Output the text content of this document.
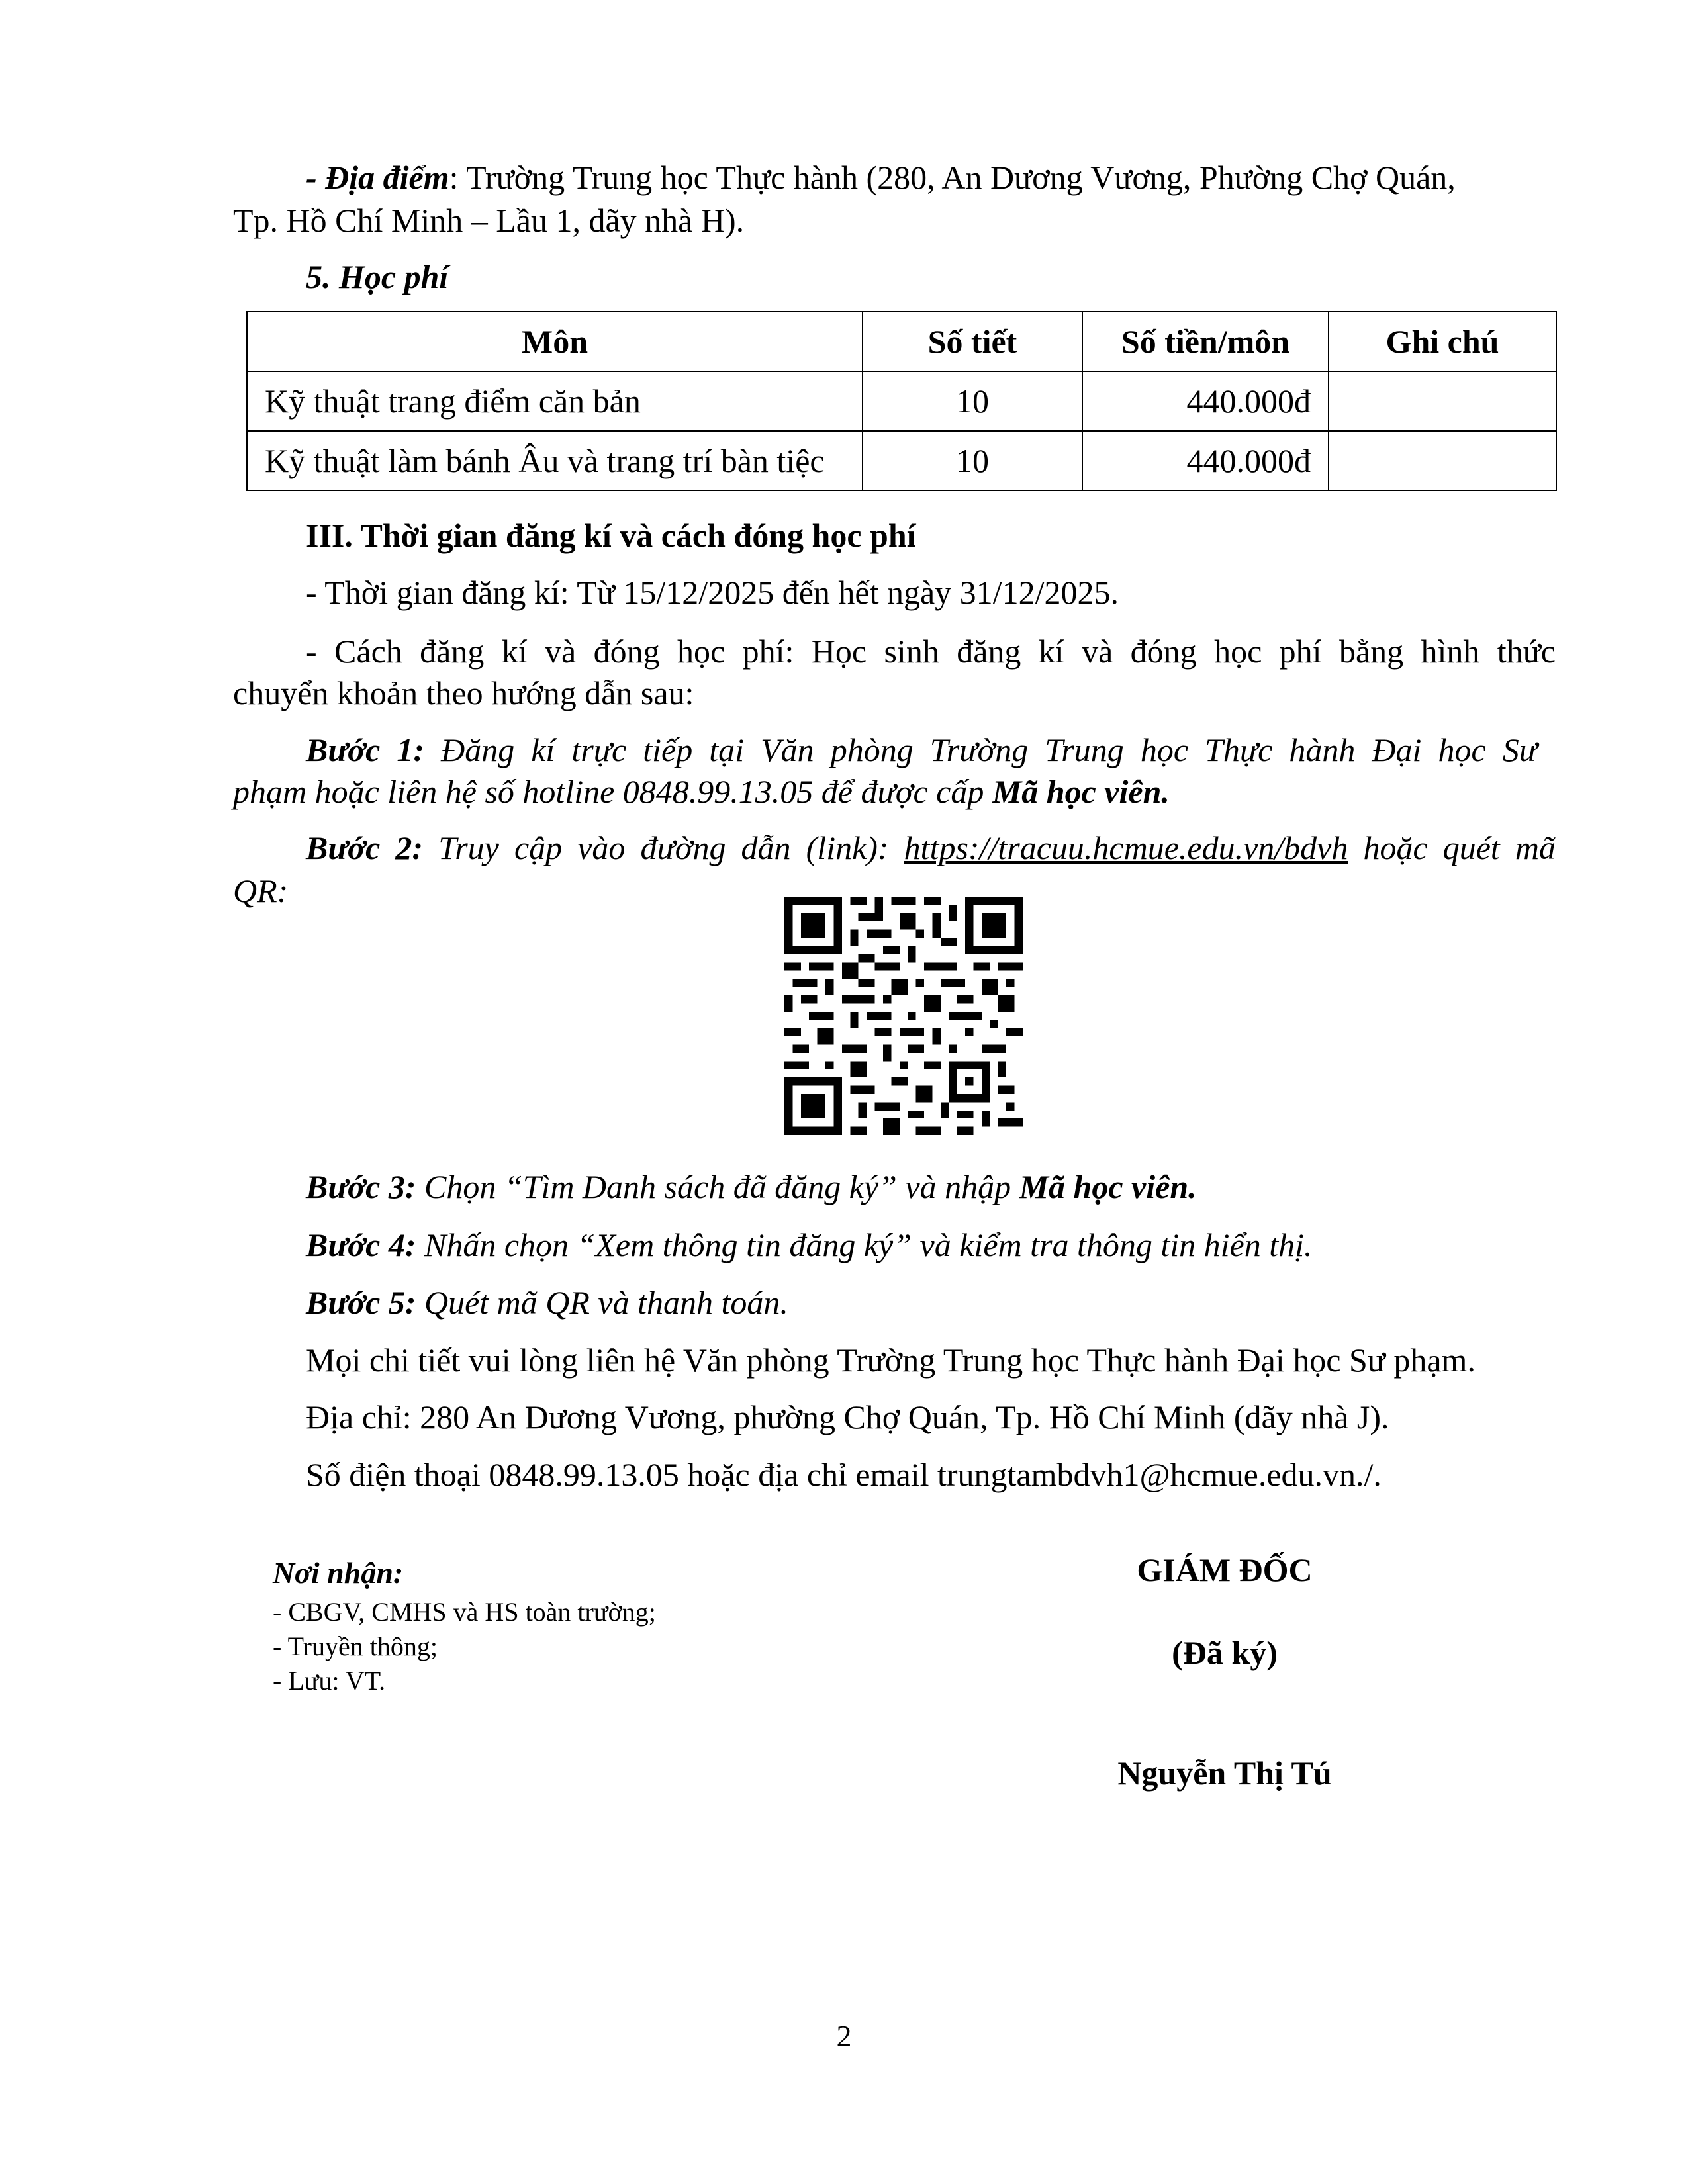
- Địa điểm: Trường Trung học Thực hành (280, An Dương Vương, Phường Chợ Quán,
Tp. Hồ Chí Minh – Lầu 1, dãy nhà H).
5. Học phí
Môn	Số tiết	Số tiền/môn	Ghi chú
Kỹ thuật trang điểm căn bản	10	440.000đ	
Kỹ thuật làm bánh Âu và trang trí bàn tiệc	10	440.000đ	
III. Thời gian đăng kí và cách đóng học phí
- Thời gian đăng kí: Từ 15/12/2025 đến hết ngày 31/12/2025.
- Cách đăng kí và đóng học phí: Học sinh đăng kí và đóng học phí bằng hình thức
chuyển khoản theo hướng dẫn sau:
Bước 1: Đăng kí trực tiếp tại Văn phòng Trường Trung học Thực hành Đại học Sư
phạm hoặc liên hệ số hotline 0848.99.13.05 để được cấp Mã học viên.
Bước 2: Truy cập vào đường dẫn (link): https://tracuu.hcmue.edu.vn/bdvh hoặc quét mã
QR:
Bước 3: Chọn “Tìm Danh sách đã đăng ký” và nhập Mã học viên.
Bước 4: Nhấn chọn “Xem thông tin đăng ký” và kiểm tra thông tin hiển thị.
Bước 5: Quét mã QR và thanh toán.
Mọi chi tiết vui lòng liên hệ Văn phòng Trường Trung học Thực hành Đại học Sư phạm.
Địa chỉ: 280 An Dương Vương, phường Chợ Quán, Tp. Hồ Chí Minh (dãy nhà J).
Số điện thoại 0848.99.13.05 hoặc địa chỉ email trungtambdvh1@hcmue.edu.vn./.
Nơi nhận:
- CBGV, CMHS và HS toàn trường;
- Truyền thông;
- Lưu: VT.
GIÁM ĐỐC
(Đã ký)
Nguyễn Thị Tú
2
